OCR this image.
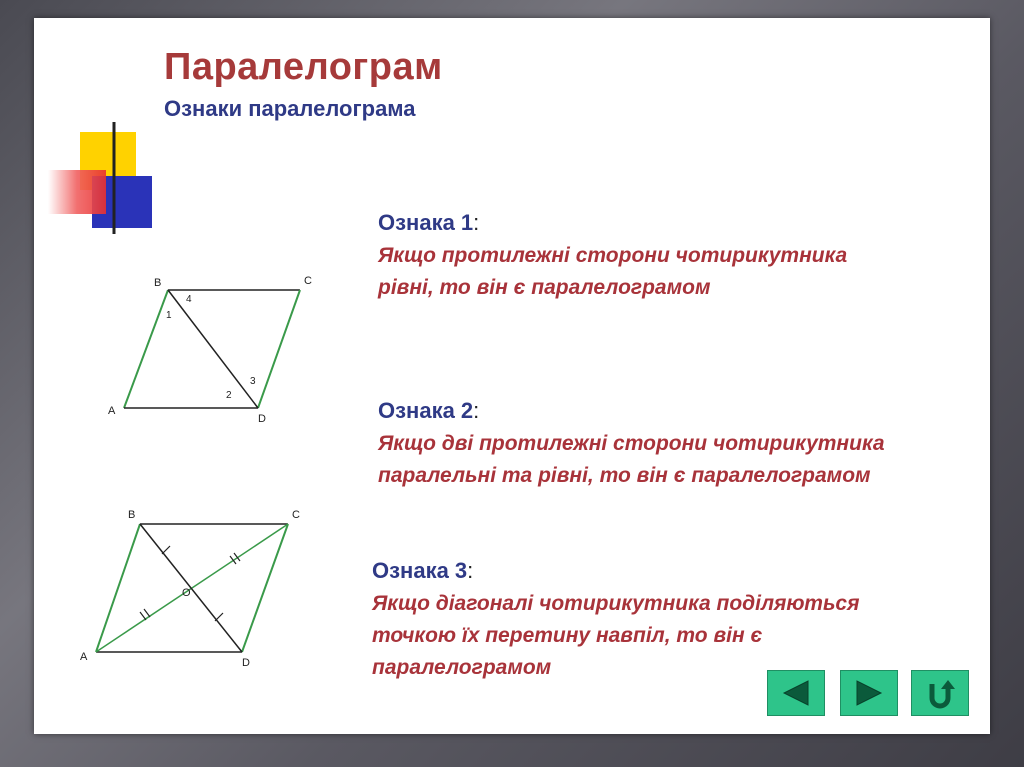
Паралелограм
Ознаки паралелограма
Ознака 1:
Якщо протилежні сторони чотирикутника рівні, то він є паралелограмом
Ознака 2:
Якщо дві протилежні сторони чотирикутника паралельні та рівні, то він є паралелограмом
Ознака 3:
Якщо діагоналі чотирикутника поділяються точкою їх перетину навпіл, то він є паралелограмом
A
B	C
D
1
4
2
3
A
B	C
D
O
